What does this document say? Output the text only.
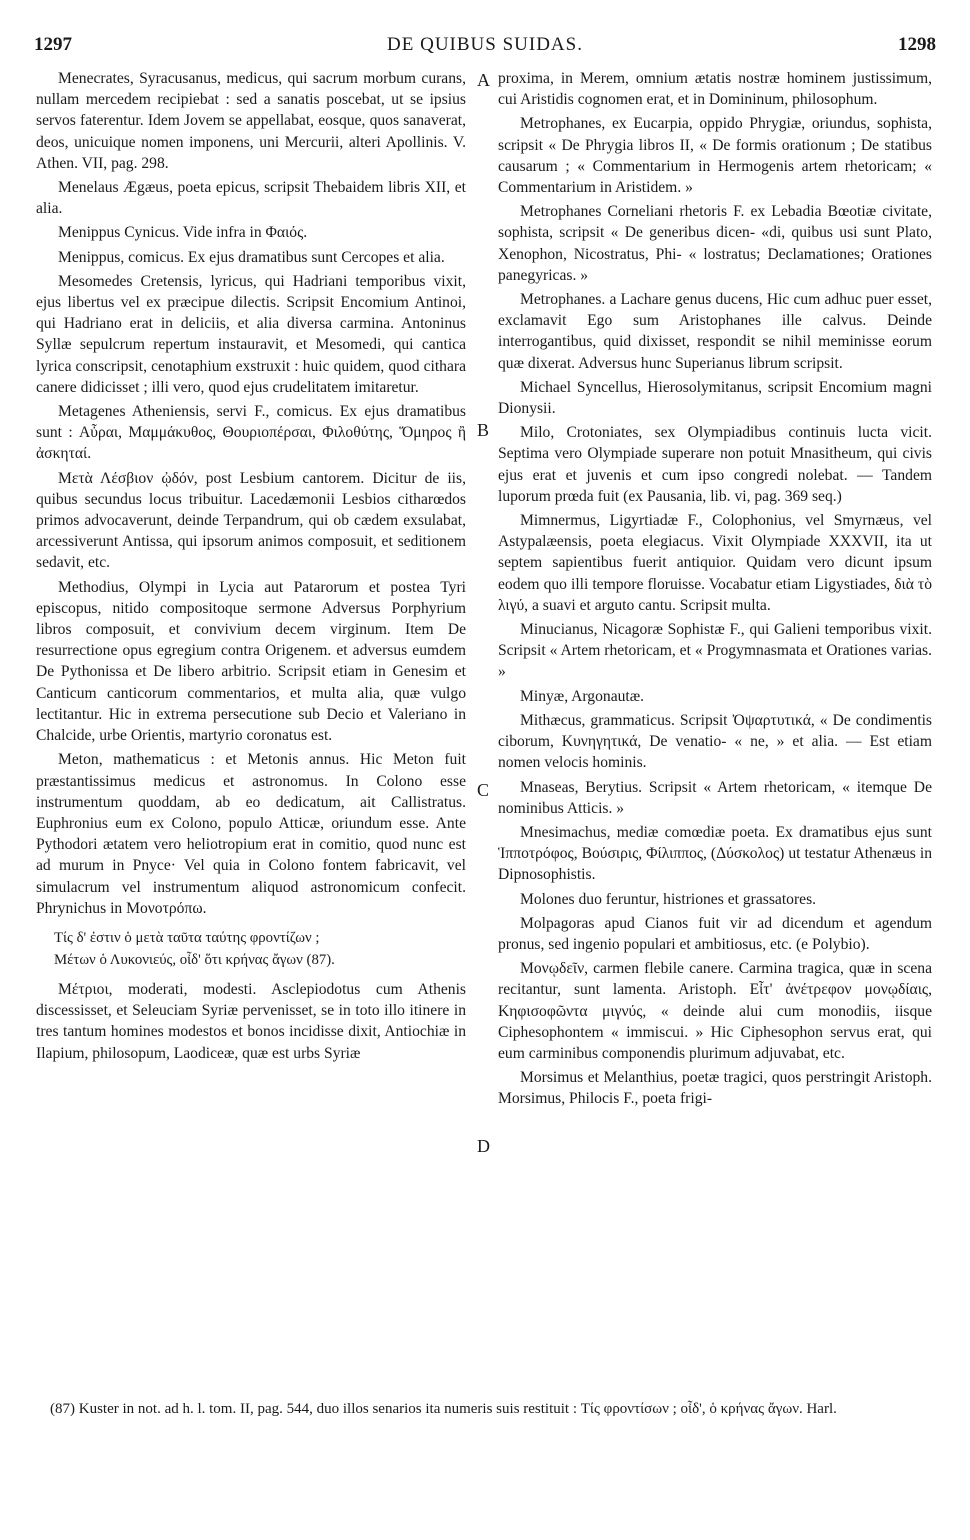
1297	DE QUIBUS SUIDAS.	1298
A
B
C
D

Menecrates, Syracusanus, medicus, qui sacrum morbum curans, nullam mercedem recipiebat : sed a sanatis poscebat, ut se ipsius servos faterentur. Idem Jovem se appellabat, eosque, quos sanaverat, deos, unicuique nomen imponens, uni Mercurii, alteri Apollinis. V. Athen. VII, pag. 298.

Menelaus Ægæus, poeta epicus, scripsit Thebaidem libris XII, et alia.

Menippus Cynicus. Vide infra in Φαιός.

Menippus, comicus. Ex ejus dramatibus sunt Cercopes et alia.

Mesomedes Cretensis, lyricus, qui Hadriani temporibus vixit, ejus libertus vel ex præcipue dilectis. Scripsit Encomium Antinoi, qui Hadriano erat in deliciis, et alia diversa carmina. Antoninus Syllæ sepulcrum repertum instauravit, et Mesomedi, qui cantica lyrica conscripsit, cenotaphium exstruxit : huic quidem, quod cithara canere didicisset ; illi vero, quod ejus crudelitatem imitaretur.

Metagenes Atheniensis, servi F., comicus. Ex ejus dramatibus sunt : Αὖραι, Μαμμάκυθος, Θουριοπέρσαι, Φιλοθύτης, Ὅμηρος ἢ ἀσκηταί.

Μετὰ Λέσβιον ᾠδόν, post Lesbium cantorem. Dicitur de iis, quibus secundus locus tribuitur. Lacedæmonii Lesbios citharœdos primos advocaverunt, deinde Terpandrum, qui ob cædem exsulabat, arcessiverunt Antissa, qui ipsorum animos composuit, et seditionem sedavit, etc.

Methodius, Olympi in Lycia aut Patarorum et postea Tyri episcopus, nitido compositoque sermone Adversus Porphyrium libros composuit, et convivium decem virginum. Item De resurrectione opus egregium contra Origenem. et adversus eumdem De Pythonissa et De libero arbitrio. Scripsit etiam in Genesim et Canticum canticorum commentarios, et multa alia, quæ vulgo lectitantur. Hic in extrema persecutione sub Decio et Valeriano in Chalcide, urbe Orientis, martyrio coronatus est.

Meton, mathematicus : et Metonis annus. Hic Meton fuit præstantissimus medicus et astronomus. In Colono esse instrumentum quoddam, ab eo dedicatum, ait Callistratus. Euphronius eum ex Colono, populo Atticæ, oriundum esse. Ante Pythodori ætatem vero heliotropium erat in comitio, quod nunc est ad murum in Pnyce· Vel quia in Colono fontem fabricavit, vel simulacrum vel instrumentum aliquod astronomicum confecit. Phrynichus in Μονοτρόπω.

Τίς δ' ἐστιν ὁ μετὰ ταῦτα ταύτης φροντίζων ;
Μέτων ὁ Λυκονιεύς, οἶδ' ὅτι κρήνας ἄγων (87).

Μέτριοι, moderati, modesti. Asclepiodotus cum Athenis discessisset, et Seleuciam Syriæ pervenisset, se in toto illo itinere in tres tantum homines modestos et bonos incidisse dixit, Antiochiæ in Ilapium, philosopum, Laodiceæ, quæ est urbs Syriæ

proxima, in Merem, omnium ætatis nostræ hominem justissimum, cui Aristidis cognomen erat, et in Domininum, philosophum.

Metrophanes, ex Eucarpia, oppido Phrygiæ, oriundus, sophista, scripsit « De Phrygia libros II, « De formis orationum ; De statibus causarum ; « Commentarium in Hermogenis artem rhetoricam; « Commentarium in Aristidem. »

Metrophanes Corneliani rhetoris F. ex Lebadia Bœotiæ civitate, sophista, scripsit « De generibus dicen- «di, quibus usi sunt Plato, Xenophon, Nicostratus, Phi- « lostratus; Declamationes; Orationes panegyricas. »

Metrophanes. a Lachare genus ducens, Hic cum adhuc puer esset, exclamavit Ego sum Aristophanes ille calvus. Deinde interrogantibus, quid dixisset, respondit se nihil meminisse eorum quæ dixerat. Adversus hunc Superianus librum scripsit.

Michael Syncellus, Hierosolymitanus, scripsit Encomium magni Dionysii.

Milo, Crotoniates, sex Olympiadibus continuis lucta vicit. Septima vero Olympiade superare non potuit Mnasitheum, qui civis ejus erat et juvenis et cum ipso congredi nolebat. — Tandem luporum prœda fuit (ex Pausania, lib. vi, pag. 369 seq.)

Mimnermus, Ligyrtiadæ F., Colophonius, vel Smyrnæus, vel Astypalæensis, poeta elegiacus. Vixit Olympiade XXXVII, ita ut septem sapientibus fuerit antiquior. Quidam vero dicunt ipsum eodem quo illi tempore floruisse. Vocabatur etiam Ligystiades, διὰ τὸ λιγύ, a suavi et arguto cantu. Scripsit multa.

Minucianus, Nicagoræ Sophistæ F., qui Galieni temporibus vixit. Scripsit « Artem rhetoricam, et « Progymnasmata et Orationes varias. »

Minyæ, Argonautæ.

Mithæcus, grammaticus. Scripsit Ὀψαρτυτικά, « De condimentis ciborum, Κυνηγητικά, De venatio- « ne, » et alia. — Est etiam nomen velocis hominis.

Mnaseas, Berytius. Scripsit « Artem rhetoricam, « itemque De nominibus Atticis. »

Mnesimachus, mediæ comœdiæ poeta. Ex dramatibus ejus sunt Ἱπποτρόφος, Βούσιρις, Φίλιππος, (Δύσκολος) ut testatur Athenæus in Dipnosophistis.

Molones duo feruntur, histriones et grassatores.

Molpagoras apud Cianos fuit vir ad dicendum et agendum pronus, sed ingenio populari et ambitiosus, etc. (e Polybio).

Μονῳδεῖν, carmen flebile canere. Carmina tragica, quæ in scena recitantur, sunt lamenta. Aristoph. Εἶτ' ἀνέτρεφον μονῳδίαις, Κηφισοφῶντα μιγνύς, « deinde alui cum monodiis, iisque Ciphesophontem « immiscui. » Hic Ciphesophon servus erat, qui eum carminibus componendis plurimum adjuvabat, etc.

Morsimus et Melanthius, poetæ tragici, quos perstringit Aristoph. Morsimus, Philocis F., poeta frigi-

(87) Kuster in not. ad h. l. tom. II, pag. 544, duo illos senarios ita numeris suis restituit : Τίς φροντίσων ; οἶδ', ὁ κρήνας ἄγων. Harl.
